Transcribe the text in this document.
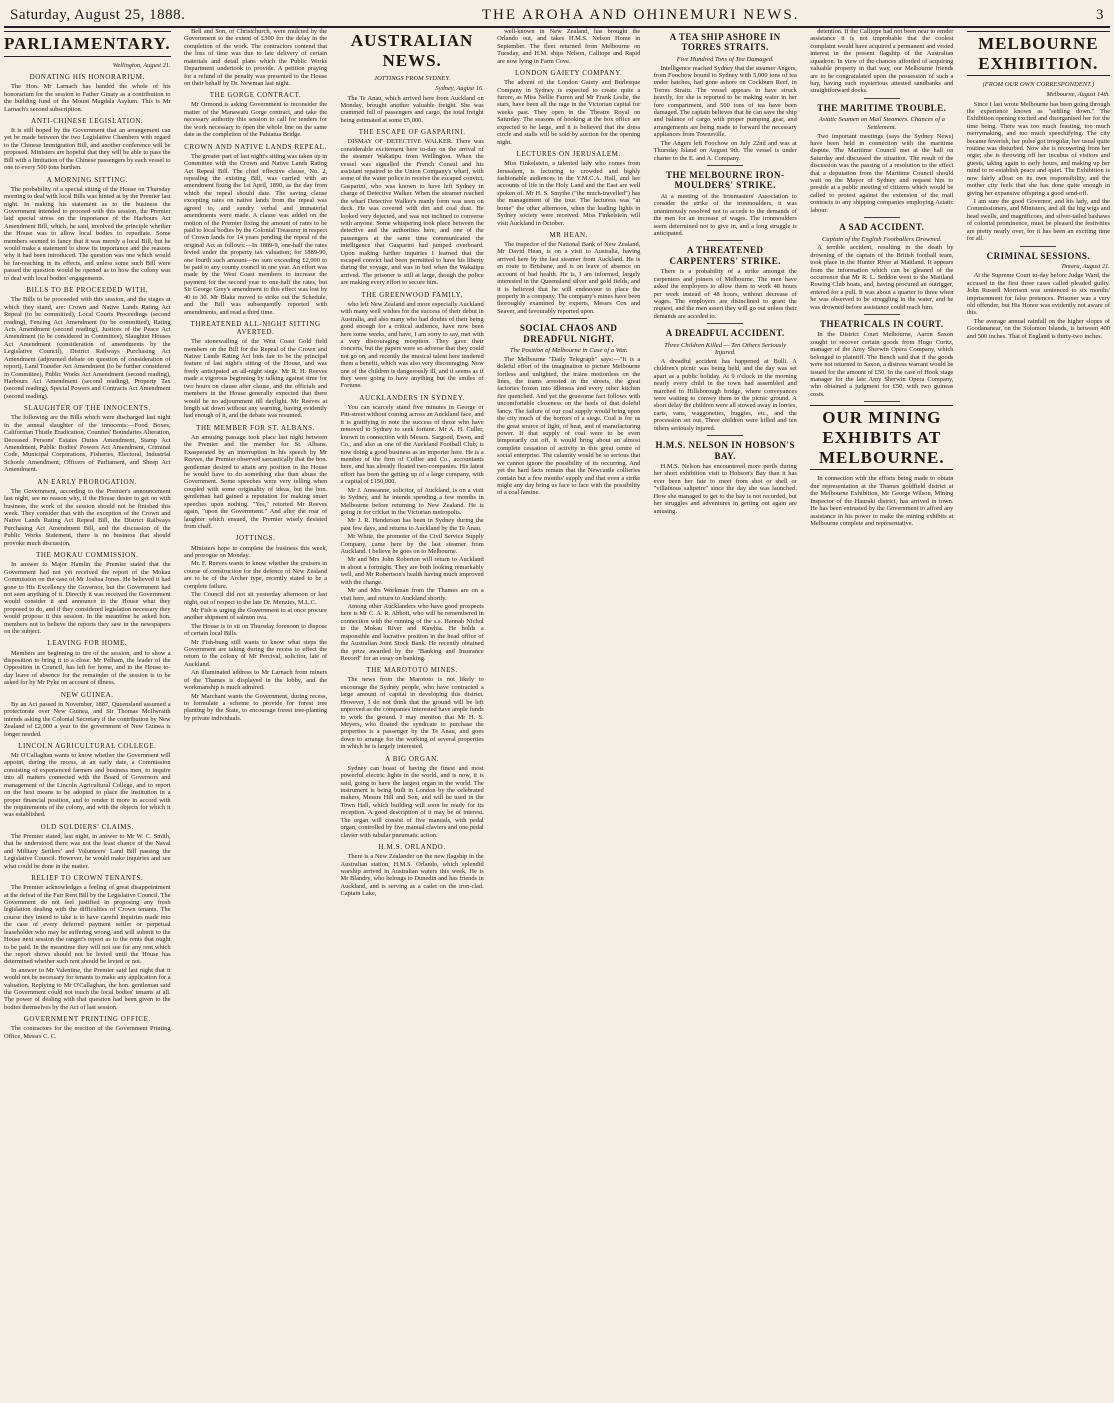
Saturday, August 25, 1888.	THE AROHA AND OHINEMURI NEWS.	3
PARLIAMENTARY.

Wellington, August 21.

DONATING HIS HONORARIUM.

The Hon. Mr Larnach has handed the whole of his honorarium for the session to Father Ginaty as a contribution to the building fund of the Mount Magdala Asylum. This is Mr Larnach's second subscription.

ANTI-CHINESE LEGISLATION.

It is still hoped by the Government that an arrangement can yet be made between the two Legislative Chambers with regard to the Chinese Immigration Bill, and another conference will be proposed. Ministers are hopeful that they will be able to pass the Bill with a limitation of the Chinese passengers by each vessel to one to every 500 tons burthen.

A MORNING SITTING.

The probability of a special sitting of the House on Thursday morning to deal with local Bills was hinted at by the Premier last night. In making his statement as to the business the Government intended to proceed with this session, the Premier laid special stress on the importance of the Harbours Act Amendment Bill, which, he said, involved the principle whether the House was to allow local bodies to repudiate. Some members seemed to fancy that it was merely a local Bill, but he would make a statement to show its importance and the reasons why it had been introduced. The question was one which would be far-reaching in its effects, and unless some such Bill were passed the question would be opened as to how the colony was to deal with local bodies' engagements.

BILLS TO BE PROCEEDED WITH.

The Bills to be proceeded with this session, and the stages at which they stand, are: Crown and Native Lands Rating Act Repeal (to be committed), Local Courts Proceedings (second reading), Fencing Act Amendment (to be committed), Rating Acts Amendment (second reading), Justices of the Peace Act Amendment (to be considered in Committee), Slaughter Houses Act Amendment (consideration of amendments by the Legislative Council), District Railways Purchasing Act Amendment (adjourned debate on question of consideration of report), Land Transfer Act Amendment (to be further considered in Committee), Public Works Act Amendment (second reading), Harbours Act Amendment (second reading), Property Tax (second reading), Special Powers and Contracts Act Amendment (second reading).

SLAUGHTER OF THE INNOCENTS.

The following are the Bills which were discharged last night in the annual slaughter of the innocents:—Food Boxes, Californian Thistle Eradication, Counties' Boundaries Alteration, Deceased Persons' Estates Duties Amendment, Stamp Act Amendment, Public Bodies' Powers Act Amendment, Criminal Code, Municipal Corporations, Fisheries, Electoral, Industrial Schools Amendment, Officers of Parliament, and Sheep Act Amendment.

AN EARLY PROROGATION.

The Government, according to the Premier's announcement last night, see no reason why, if the House desire to get on with business, the work of the session should not be finished this week. They consider that with the exception of the Crown and Native Lands Rating Act Repeal Bill, the District Railways Purchasing Act Amendment Bill, and the discussion of the Public Works Statement, there is no business that should provoke much discussion.

THE MOKAU COMMISSION.

In answer to Major Hamlin the Premier stated that the Government had not yet received the report of the Mokau Commission on the case of Mr Joshua Jones. He believed it had gone to His Excellency the Governor, but the Government had not seen anything of it. Directly it was received the Government would consider it and announce to the House what they proposed to do, and if they considered legislation necessary they would propose it this session. In the meantime he asked hon. members not to believe the reports they saw in the newspapers on the subject.

LEAVING FOR HOME.

Members are beginning to tire of the session, and to show a disposition to bring it to a close. Mr Pelham, the leader of the Opposition in Council, has left for home, and in the House to-day leave of absence for the remainder of the session is to be asked for by Mr Pyke on account of illness.

NEW GUINEA.

By an Act passed in November, 1887, Queensland assumed a protectorate over New Guinea, and Sir Thomas McIlwraith intends asking the Colonial Secretary if the contribution by New Zealand of £2,000 a year to the government of New Guinea is longer needed.

LINCOLN AGRICULTURAL COLLEGE.

Mr O'Callaghan wants to know whether the Government will appoint, during the recess, at an early date, a Commission consisting of experienced farmers and business men, to inquire into all matters connected with the Board of Governors and management of the Lincoln Agricultural College, and to report on the best means to be adopted to place the institution in a proper financial position, and to render it more in accord with the requirements of the colony, and with the objects for which it was established.

OLD SOLDIERS' CLAIMS.

The Premier stated, last night, in answer to Mr W. C. Smith, that he understood there was not the least chance of the Naval and Military Settlers' and Volunteers' Land Bill passing the Legislative Council. However, he would make inquiries and see what could be done in the matter.

RELIEF TO CROWN TENANTS.

The Premier acknowledges a feeling of great disappointment at the defeat of the Fair Rent Bill by the Legislative Council. The Government do not feel justified in proposing any fresh legislation dealing with the difficulties of Crown tenants. The course they intend to take is to have careful inquiries made into the case of every deferred payment settler or perpetual leaseholder who may be suffering wrong, and will submit to the House next session the ranger's report as to the rents that ought to be paid. In the meantime they will not sue for any rent which the report shows should not be levied until the House has determined whether such rent should be levied or not.

In answer to Mr Valentine, the Premier said last night that it would not be necessary for tenants to make any application for a valuation. Replying to Mr O'Callaghan, the hon. gentleman said the Government could not touch the local bodies' tenants at all. The power of dealing with that question had been given to the bodies themselves by the Act of last session.

GOVERNMENT PRINTING OFFICE.

The contractors for the erection of the Government Printing Office, Messrs C. C.

Bell and Son, of Christchurch, were mulcted by the Government to the extent of £300 for the delay in the completion of the work. The contractors contend that the loss of time was due to late delivery of certain materials and detail plans which the Public Works Department undertook to provide. A petition praying for a refund of the penalty was presented to the House on their behalf by Dr. Newman last night.

THE GORGE CONTRACT.

Mr Ormond is asking Government to reconsider the matter of the Manawatu Gorge contract, and take the necessary authority this session to call for tenders for the work necessary to open the whole line on the same date as the completion of the Pahiatua Bridge.

CROWN AND NATIVE LANDS REPEAL.

The greater part of last night's sitting was taken up in Committee with the Crown and Native Lands Rating Act Repeal Bill. The chief effective clause, No. 2, repealing the existing Bill, was carried with an amendment fixing the 1st April, 1890, as the day from which the repeal should date. The saving clause excepting rates on native lands from the repeal was agreed to, and sundry verbal and immaterial amendments were made. A clause was added on the motion of the Premier fixing the amount of rates to be paid to local bodies by the Colonial Treasurer in respect of Crown lands for 14 years pending the repeal of the original Act as follows:—In 1889-9, one-half the rates levied under the property tax valuation; for 1889-90, one fourth such amount—no sum exceeding £2,000 to be paid to any county council in one year. An effort was made by the West Coast members to increase the payment for the second year to one-half the rates, but Sir George Grey's amendment to this effect was lost by 40 to 30. Mr Blake moved to strike out the Schedule, and the Bill was subsequently reported with amendments, and read a third time.

THREATENED ALL-NIGHT SITTING AVERTED.

The stonewalling of the West Coast Gold field members on the Bill for the Repeal of the Crown and Native Lands Rating Act bids fair to be the principal feature of last night's sitting of the House, and was freely anticipated an all-night siege. Mr R. H. Reeves made a vigorous beginning by talking against time for two hours on clause after clause, and the officials and members in the House generally expected that there would be no adjournment till daylight. Mr Reeves at length sat down without any warning, having evidently had enough of it, and the debate was resumed.

THE MEMBER FOR ST. ALBANS.

An amusing passage took place last night between the Premier and the member for St. Albans. Exasperated by an interruption in his speech by Mr Reeves, the Premier observed sarcastically that the hon. gentleman desired to attain any position in the House he would have to do something else than abuse the Government. Some speeches were very telling when coupled with some originality of ideas, but the hon. gentleman had gained a reputation for making smart speeches upon nothing. "Yes," retorted Mr Reeves again, "upon the Government." And after the roar of laughter which ensued, the Premier wisely desisted from chaff.

JOTTINGS.

Ministers hope to complete the business this week, and prorogue on Monday.

Mr. F. Reeves wants to know whether the cruisers in course of construction for the defence of New Zealand are to be of the Archer type, recently stated to be a complete failure.

The Council did not sit yesterday afternoon or last night, out of respect to the late Dr. Menzies, M.L.C.

Mr Fish is urging the Government to at once procure another shipment of salmon ova.

The House is to sit on Thursday forenoon to dispose of certain local Bills.

Mr Fish-bung still wants to know what steps the Government are taking during the recess to effect the return to the colony of Mr Percival, solicitor, late of Auckland.

An illuminated address to Mr Larnach from miners of the Thames is displayed in the lobby, and the workmanship is much admired.

Mr Marchant wants the Government, during recess, to formulate a scheme to provide for forest tree planting by the State, to encourage forest tree-planting by private individuals.

AUSTRALIAN NEWS.
JOTTINGS FROM SYDNEY.

Sydney, August 16.

The Te Anau, which arrived here from Auckland on Monday, brought another valuable freight. She was crammed full of passengers and cargo, the total freight being estimated at some £5,000.

THE ESCAPE OF GASPARINI.

DISMAY OF DETECTIVE WALKER. There was considerable excitement here to-day on the arrival of the steamer Wakatipu from Wellington. When the vessel was signalled the French Consul and his assistant repaired to the Union Company's wharf, with some of the water police to receive the escaped convict, Gasparini, who was known to have left Sydney in charge of Detective Walker. When the steamer reached the wharf Detective Walker's manly form was seen on deck. He was covered with dirt and coal dust. He looked very dejected, and was not inclined to converse with anyone. Some whispering took place between the detective and the authorities here, and one of the passengers at the same time communicated the intelligence that Gasparini had jumped overboard. Upon making further inquiries I learned that the escaped convict had been permitted to have his liberty during the voyage, and was in bed when the Wakatipu arrived. The prisoner is still at large, though the police are making every effort to secure him.

THE GREENWOOD FAMILY,

who left New Zealand and more especially Auckland with many well wishes for the success of their debut in Australia, and also many who had doubts of their being good enough for a critical audience, have now been here some weeks, and have, I am sorry to say, met with a very discouraging reception. They gave their concerts, but the papers were so adverse that they could not go on, and recently the musical talent here tendered them a benefit, which was also very discouraging. Now one of the children is dangerously ill, and it seems as if they were going to have anything but the smiles of Fortune.

AUCKLANDERS IN SYDNEY.

You can scarcely stand five minutes in George or Pitt-street without coming across an Auckland face, and it is gratifying to note the success of those who have removed to Sydney to seek fortune. Mr A. H. Culler, known in connection with Messrs. Sargood, Ewen, and Co., and also as one of the Auckland Football Club, is now doing a good business as an importer here. He is a member of the firm of Collier and Co., accountants here, and has already floated two companies. His latest effort has been the getting up of a large company, with a capital of £150,000.

Mr J. Anneanne, solicitor, of Auckland, is on a visit to Sydney, and he intends spending a few months in Melbourne before returning to New Zealand. He is going in for cricket in the Victorian metropolis.

Mr J. R. Henderson has been in Sydney during the past few days, and returns to Auckland by the Te Anau.

Mr White, the promoter of the Civil Service Supply Company, came here by the last steamer from Auckland. I believe he goes on to Melbourne.

Mr and Mrs John Roberton will return to Auckland in about a fortnight. They are both looking remarkably well, and Mr Robertson's health having much improved with the change.

Mr and Mrs Workman from the Thames are on a visit here, and return to Auckland shortly.

Among other Aucklanders who have good prospects here is Mr C. A. R. Abbott, who will be remembered in connection with the running of the s.s. Hannah Nichol to the Mokau River and Kawhia. He holds a responsible and lucrative position in the head office of the Australian Joint Stock Bank. He recently obtained the prize awarded by the "Banking and Insurance Record" for an essay on banking.

THE MAROTOTO MINES.

The news from the Marototo is not likely to encourage the Sydney people, who have contracted a large amount of capital in developing this district. However, I do not think that the ground will be left unproved as the companies interested have ample funds to work the ground. I may mention that Mr H. S. Meyers, who floated the syndicate to purchase the properties is a passenger by the Te Anau, and goes down to arrange for the working of several properties in which he is largely interested.

A BIG ORGAN.

Sydney can boast of having the finest and most powerful electric lights in the world, and is now, it is said, going to have the largest organ in the world. The instrument is being built in London by the celebrated makers, Messrs Hill and Son, and will be used in the Town Hall, which building will soon be ready for its reception. A good description of it may be of interest. The organ will consist of five manuals, with pedal organ, controlled by five manual claviers and one pedal clavier with tubular pneumatic action.

H.M.S. ORLANDO.

There is a New Zealander on the new flagship in the Australian station, H.M.S. Orlando, which splendid warship arrived in Australian waters this week. He is Mr Blandry, who belongs to Dunedin and has friends in Auckland, and is serving as a cadet on the iron-clad. Captain Lake,

well-known in New Zealand, has brought the Orlando out, and takes H.M.S. Nelson Home in September. The fleet returned from Melbourne on Tuesday, and H.M. ships Nelson, Calliope and Rapid are now lying in Farm Cove.

LONDON GAIETY COMPANY.

The advent of the London Gaiety and Burlesque Company in Sydney is expected to create quite a furore, as Miss Nellie Farren and Mr Frank Leslie, the stars, have been all the rage in the Victorian capital for weeks past. They open in the Theatre Royal on Saturday. The seasons of booking at the box office are expected to be large, and it is believed that the dress circle and stalls will be sold by auction for the opening night.

LECTURES ON JERUSALEM.

Miss Finkelstein, a talented lady who comes from Jerusalem, is lecturing to crowded and highly fashionable audiences in the Y.M.C.A. Hall, and her accounts of life in the Holy Land and the East are well spoken of. Mr H. S. Smythe ("the much-travelled") has the management of the tour. The lecturess was "at home" the other afternoon, when the leading lights in Sydney society were received. Miss Finkelstein will visit Auckland in October.

MR HEAN.

The inspector of the National Bank of New Zealand, Mr David Hean, is on a visit to Australia, having arrived here by the last steamer from Auckland. He is en route to Brisbane, and is on leave of absence on account of bad health. He is, I am informed, largely interested in the Queensland silver and gold fields, and it is believed that he will endeavour to place the property in a company. The company's mines have been thoroughly examined by experts, Messrs Cox and Seaver, and favourably reported upon.

SOCIAL CHAOS AND DREADFUL NIGHT.
The Position of Melbourne in Case of a War.

The Melbourne "Daily Telegraph" says:—"It is a doleful effort of the imagination to picture Melbourne fortless and unlighted, the trains motionless on the lines, the trams arrested in the streets, the great factories frozen into idleness and every other kitchen fire quenched. And yet the gruesome fact follows with uncomfortable closeness on the heels of that doleful fancy. The failure of our coal supply would bring upon the city much of the horrors of a siege. Coal is for us the great source of light, of heat, and of manufacturing power. If that supply of coal were to be even temporarily cut off, it would bring about an almost complete cessation of activity in this great centre of social enterprise. The calamity would be so serious that we cannot ignore the possibility of its occurring. And yet the hard facts remain that the Newcastle collieries contain but a few months' supply and that even a strike might any day bring us face to face with the possibility of a coal famine.

A TEA SHIP ASHORE IN TORRES STRAITS.
Five Hundred Tons of Tea Damaged.

Intelligence reached Sydney that the steamer Angers, from Foochow bound to Sydney with 5,000 tons of tea under hatches, had gone ashore on Cockburn Reef, in Torres Straits. The vessel appears to have struck heavily, for she is reported to be making water in her fore compartment, and 500 tons of tea have been damaged. The captain believes that he can save the ship and balance of cargo with proper pumping gear, and arrangements are being made to forward the necessary appliances from Townsville.

The Angers left Foochow on July 22nd and was at Thursday Island on August 9th. The vessel is under charter to the E. and A. Company.

THE MELBOURNE IRON-MOULDERS' STRIKE.

At a meeting of the Ironmasters' Association to consider the strike of the ironmoulders, it was unanimously resolved not to accede to the demands of the men for an increase of wages. The ironmoulders seem determined not to give in, and a long struggle is anticipated.

A THREATENED CARPENTERS' STRIKE.

There is a probability of a strike amongst the carpenters and joiners of Melbourne. The men have asked the employers to allow them to work 48 hours per week instead of 48 hours, without decrease of wages. The employers are disinclined to grant the request, and the men assert they will go out unless their demands are acceded to.

A DREADFUL ACCIDENT.
Three Children Killed — Ten Others Seriously Injured.

A dreadful accident has happened at Bulli. A children's picnic was being held, and the day was set apart as a public holiday. At 9 o'clock in the morning nearly every child in the town had assembled and marched to Hillsborough bridge, where conveyances were waiting to convey them to the picnic ground. A short delay the children were all stowed away in lorries, carts, vans, waggonettes, buggies, etc., and the procession set out. Three children were killed and ten others seriously injured.

H.M.S. NELSON IN HOBSON'S BAY.

H.M.S. Nelson has encountered more perils during her short exhibition visit to Hobson's Bay than it has ever been her fate to meet from shot or shell or "villainous saltpetre" since the day she was launched. How she managed to get to the bay is not recorded, but her struggles and adventures in getting out again are amusing.

detention. If the Calliope had not been near to render assistance it is not improbable that the coolest complaint would have acquired a permanent and vested interest in the present flagship of the Australian squadron. In view of the chances afforded of acquiring valuable property in that way, our Melbourne friends are to be congratulated upon the possession of such a bay, having such mysterious attested sandbanks and straightforward docks.

THE MARITIME TROUBLE.
Asiatic Seamen on Mail Steamers. Chances of a Settlement.

Two important meetings (says the Sydney News) have been held in connection with the maritime dispute. The Maritime Council met at the hall on Saturday and discussed the situation. The result of the discussion was the passing of a resolution to the effect that a deputation from the Maritime Council should wait on the Mayor of Sydney and request him to preside at a public meeting of citizens which would be called to protest against the extension of the mail contracts to any shipping companies employing Asiatic labour.

A SAD ACCIDENT.
Captain of the English Footballers Drowned.

A terrible accident, resulting in the death by drowning of the captain of the British football team, took place in the Hunter River at Maitland. It appears from the information which can be gleaned of the occurrence that Mr R. L. Seddon went to the Maitland Rowing Club boats, and, having procured an outrigger, entered for a pull. It was about a quarter to three when he was observed to be struggling in the water, and he was drowned before assistance could reach him.

THEATRICALS IN COURT.

In the District Court Melbourne, Aaron Saxon sought to recover certain goods from Hugo Coritz, manager of the Amy Sherwin Opera Company, which belonged to plaintiff. The Bench said that if the goods were not returned to Saxon, a distress warrant would be issued for the amount of £50. In the case of Hook stage manager for the late Amy Sherwin Opera Company, who obtained a judgment for £50, with two guineas costs.

OUR MINING EXHIBITS AT MELBOURNE.

In connection with the efforts being made to obtain due representation at the Thames goldfield district at the Melbourne Exhibition, Mr George Wilson, Mining Inspector of the Hauraki district, has arrived in town. He has been entrusted by the Government to afford any assistance in his power to make the mining exhibits at Melbourne complete and representative.

MELBOURNE EXHIBITION.
(FROM OUR OWN CORRESPONDENT.)

Melbourne, August 14th.

Since I last wrote Melbourne has been going through the experience known as "settling down." The Exhibition opening excited and disorganised her for the time being. There was too much feasting, too much merrymaking, and too much speechifying. The city became feverish, her pulse got irregular, her usual quite routine was disturbed. Now she is recovering from her orgie; she is throwing off her incubus of visitors and guests, taking again to early hours, and making up her mind to re-establish peace and quiet. The Exhibition is now fairly afloat on its own responsibility, and the mother city feels that she has done quite enough in giving her expansive offspring a good send-off.

I am sure the good Governor, and his lady, and the Commissioners, and Ministers, and all the big wigs and head swells, and magnificoes, and silver-tailed bashaws of colonial prominence, must be pleased the festivities are pretty nearly over, for it has been an exciting time for all.

CRIMINAL SESSIONS.

Timaru, August 21.

At the Supreme Court to-day before Judge Ward, the accused in the first three cases called pleaded guilty. John Russell Morrison was sentenced to six months' imprisonment for false pretences. Prisoner was a very old offender, but His Honor was evidently not aware of this.

The average annual rainfall on the higher slopes of Goodananear, on the Solomon Islands, is between 400 and 500 inches. That of England is thirty-two inches.
